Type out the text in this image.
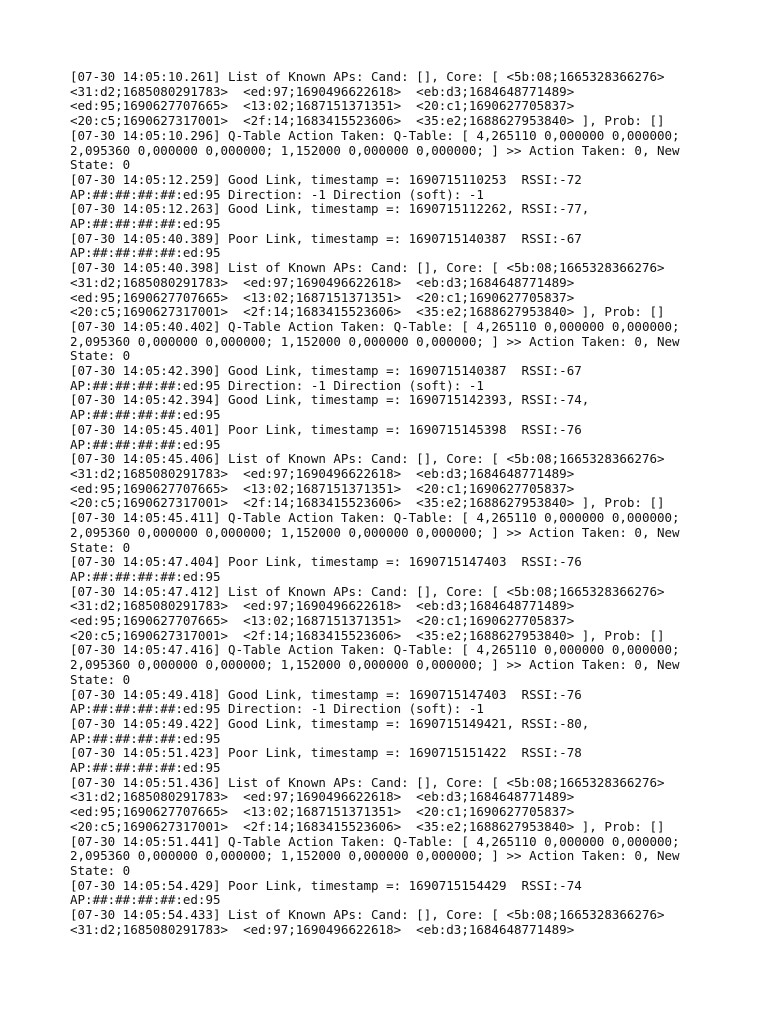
[07-30 14:05:10.261] List of Known APs: Cand: [], Core: [ <5b:08;1665328366276>
<31:d2;1685080291783>  <ed:97;1690496622618>  <eb:d3;1684648771489>
<ed:95;1690627707665>  <13:02;1687151371351>  <20:c1;1690627705837>
<20:c5;1690627317001>  <2f:14;1683415523606>  <35:e2;1688627953840> ], Prob: []
[07-30 14:05:10.296] Q-Table Action Taken: Q-Table: [ 4,265110 0,000000 0,000000;
2,095360 0,000000 0,000000; 1,152000 0,000000 0,000000; ] >> Action Taken: 0, New
State: 0
[07-30 14:05:12.259] Good Link, timestamp =: 1690715110253  RSSI:-72
AP:##:##:##:##:ed:95 Direction: -1 Direction (soft): -1
[07-30 14:05:12.263] Good Link, timestamp =: 1690715112262, RSSI:-77,
AP:##:##:##:##:ed:95
[07-30 14:05:40.389] Poor Link, timestamp =: 1690715140387  RSSI:-67
AP:##:##:##:##:ed:95
[07-30 14:05:40.398] List of Known APs: Cand: [], Core: [ <5b:08;1665328366276>
<31:d2;1685080291783>  <ed:97;1690496622618>  <eb:d3;1684648771489>
<ed:95;1690627707665>  <13:02;1687151371351>  <20:c1;1690627705837>
<20:c5;1690627317001>  <2f:14;1683415523606>  <35:e2;1688627953840> ], Prob: []
[07-30 14:05:40.402] Q-Table Action Taken: Q-Table: [ 4,265110 0,000000 0,000000;
2,095360 0,000000 0,000000; 1,152000 0,000000 0,000000; ] >> Action Taken: 0, New
State: 0
[07-30 14:05:42.390] Good Link, timestamp =: 1690715140387  RSSI:-67
AP:##:##:##:##:ed:95 Direction: -1 Direction (soft): -1
[07-30 14:05:42.394] Good Link, timestamp =: 1690715142393, RSSI:-74,
AP:##:##:##:##:ed:95
[07-30 14:05:45.401] Poor Link, timestamp =: 1690715145398  RSSI:-76
AP:##:##:##:##:ed:95
[07-30 14:05:45.406] List of Known APs: Cand: [], Core: [ <5b:08;1665328366276>
<31:d2;1685080291783>  <ed:97;1690496622618>  <eb:d3;1684648771489>
<ed:95;1690627707665>  <13:02;1687151371351>  <20:c1;1690627705837>
<20:c5;1690627317001>  <2f:14;1683415523606>  <35:e2;1688627953840> ], Prob: []
[07-30 14:05:45.411] Q-Table Action Taken: Q-Table: [ 4,265110 0,000000 0,000000;
2,095360 0,000000 0,000000; 1,152000 0,000000 0,000000; ] >> Action Taken: 0, New
State: 0
[07-30 14:05:47.404] Poor Link, timestamp =: 1690715147403  RSSI:-76
AP:##:##:##:##:ed:95
[07-30 14:05:47.412] List of Known APs: Cand: [], Core: [ <5b:08;1665328366276>
<31:d2;1685080291783>  <ed:97;1690496622618>  <eb:d3;1684648771489>
<ed:95;1690627707665>  <13:02;1687151371351>  <20:c1;1690627705837>
<20:c5;1690627317001>  <2f:14;1683415523606>  <35:e2;1688627953840> ], Prob: []
[07-30 14:05:47.416] Q-Table Action Taken: Q-Table: [ 4,265110 0,000000 0,000000;
2,095360 0,000000 0,000000; 1,152000 0,000000 0,000000; ] >> Action Taken: 0, New
State: 0
[07-30 14:05:49.418] Good Link, timestamp =: 1690715147403  RSSI:-76
AP:##:##:##:##:ed:95 Direction: -1 Direction (soft): -1
[07-30 14:05:49.422] Good Link, timestamp =: 1690715149421, RSSI:-80,
AP:##:##:##:##:ed:95
[07-30 14:05:51.423] Poor Link, timestamp =: 1690715151422  RSSI:-78
AP:##:##:##:##:ed:95
[07-30 14:05:51.436] List of Known APs: Cand: [], Core: [ <5b:08;1665328366276>
<31:d2;1685080291783>  <ed:97;1690496622618>  <eb:d3;1684648771489>
<ed:95;1690627707665>  <13:02;1687151371351>  <20:c1;1690627705837>
<20:c5;1690627317001>  <2f:14;1683415523606>  <35:e2;1688627953840> ], Prob: []
[07-30 14:05:51.441] Q-Table Action Taken: Q-Table: [ 4,265110 0,000000 0,000000;
2,095360 0,000000 0,000000; 1,152000 0,000000 0,000000; ] >> Action Taken: 0, New
State: 0
[07-30 14:05:54.429] Poor Link, timestamp =: 1690715154429  RSSI:-74
AP:##:##:##:##:ed:95
[07-30 14:05:54.433] List of Known APs: Cand: [], Core: [ <5b:08;1665328366276>
<31:d2;1685080291783>  <ed:97;1690496622618>  <eb:d3;1684648771489>
